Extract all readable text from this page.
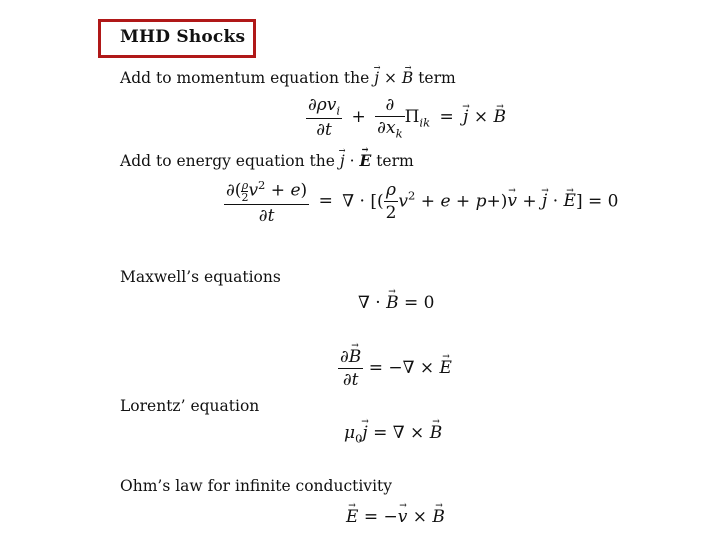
MHD Shocks
Add to momentum equation the → j × → B term
$\frac{\partial\rho v_i}{\partial t} + \frac{\partial}{\partial x_k} \Pi_{ik}$ = → j × → B
Add to energy equation the → j · → E term
$\frac{\partial( \frac{\rho}{2} v^2 + e)}{\partial t}$ = ∇ · [( $\frac{\rho}{2} v^2 + e + p+)\to v$ + → j · → E] = 0
Maxwell’s equations
∇ · → B = 0
$\frac{\partial\to B}{\partial t}$ = −∇ × → E
Lorentz’ equation
$\mu_0\to j$ = ∇ × → B
Ohm’s law for infinite conductivity
→ E = −→ v × → B
